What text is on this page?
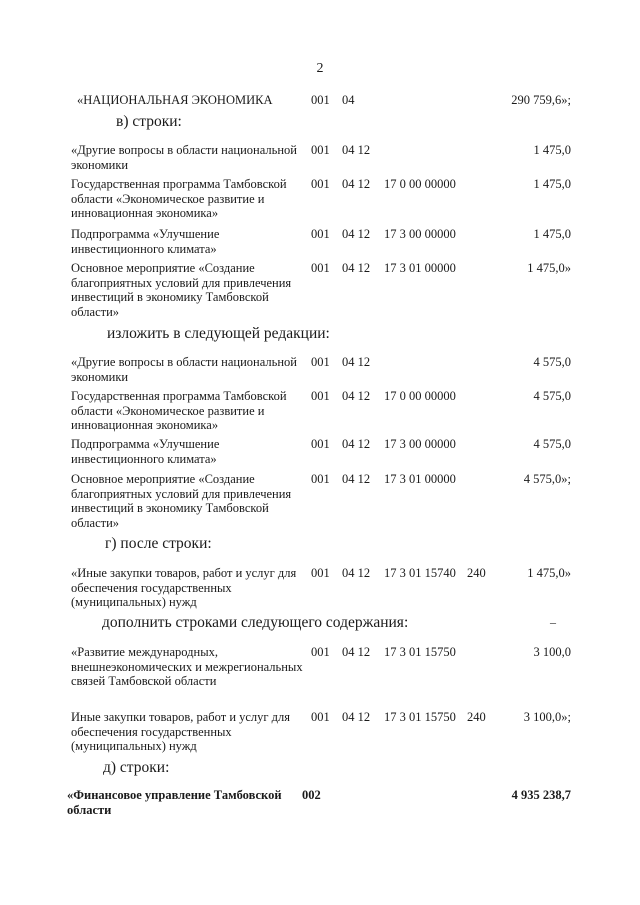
2
«НАЦИОНАЛЬНАЯ ЭКОНОМИКА	001 04	290 759,6»;
в) строки:
«Другие вопросы в области национальной экономики
001 04 12	1 475,0
Государственная программа Тамбовской области «Экономическое развитие и инновационная экономика»
001 04 12 17 0 00 00000	1 475,0
Подпрограмма «Улучшение инвестиционного климата»
001 04 12 17 3 00 00000	1 475,0
Основное мероприятие «Создание благоприятных условий для привлечения инвестиций в экономику Тамбовской области»
001 04 12 17 3 01 00000	1 475,0»
изложить в следующей редакции:
«Другие вопросы в области национальной экономики
001 04 12	4 575,0
Государственная программа Тамбовской области «Экономическое развитие и инновационная экономика»
001 04 12 17 0 00 00000	4 575,0
Подпрограмма «Улучшение инвестиционного климата»
001 04 12 17 3 00 00000	4 575,0
Основное мероприятие «Создание благоприятных условий для привлечения инвестиций в экономику Тамбовской области»
001 04 12 17 3 01 00000	4 575,0»;
г) после строки:
«Иные закупки товаров, работ и услуг для обеспечения государственных (муниципальных) нужд
001 04 12 17 3 01 15740 240	1 475,0»
дополнить строками следующего содержания:	–
«Развитие международных, внешнеэкономических и межрегиональных связей Тамбовской области
001 04 12 17 3 01 15750	3 100,0
Иные закупки товаров, работ и услуг для обеспечения государственных (муниципальных) нужд
001 04 12 17 3 01 15750 240	3 100,0»;
д) строки:
«Финансовое управление Тамбовской области
002	4 935 238,7
